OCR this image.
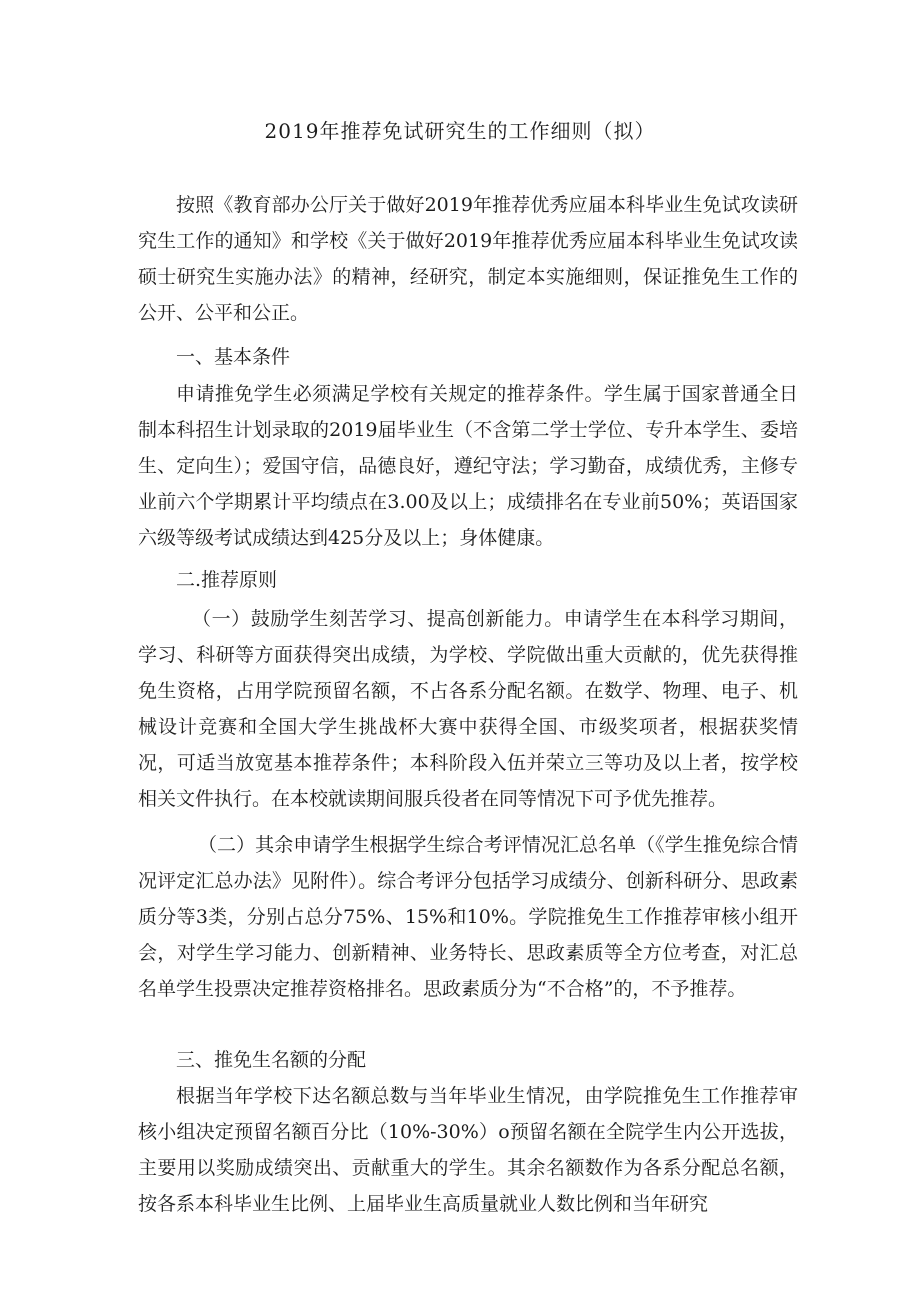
2019年推荐免试研究生的工作细则（拟）

按照《教育部办公厅关于做好2019年推荐优秀应届本科毕业生免试攻读研究生工作的通知》和学校《关于做好2019年推荐优秀应届本科毕业生免试攻读硕士研究生实施办法》的精神，经研究，制定本实施细则，保证推免生工作的公开、公平和公正。

一、基本条件

申请推免学生必须满足学校有关规定的推荐条件。学生属于国家普通全日制本科招生计划录取的2019届毕业生（不含第二学士学位、专升本学生、委培生、定向生）；爱国守信，品德良好，遵纪守法；学习勤奋，成绩优秀，主修专业前六个学期累计平均绩点在3.00及以上；成绩排名在专业前50%；英语国家六级等级考试成绩达到425分及以上；身体健康。

二.推荐原则

（一）鼓励学生刻苦学习、提高创新能力。申请学生在本科学习期间，学习、科研等方面获得突出成绩，为学校、学院做出重大贡献的，优先获得推免生资格，占用学院预留名额，不占各系分配名额。在数学、物理、电子、机械设计竞赛和全国大学生挑战杯大赛中获得全国、市级奖项者，根据获奖情况，可适当放宽基本推荐条件；本科阶段入伍并荣立三等功及以上者，按学校相关文件执行。在本校就读期间服兵役者在同等情况下可予优先推荐。

（二）其余申请学生根据学生综合考评情况汇总名单（《学生推免综合情况评定汇总办法》见附件）。综合考评分包括学习成绩分、创新科研分、思政素质分等3类，分别占总分75%、15%和10%。学院推免生工作推荐审核小组开会，对学生学习能力、创新精神、业务特长、思政素质等全方位考查，对汇总名单学生投票决定推荐资格排名。思政素质分为“不合格”的，不予推荐。

三、推免生名额的分配

根据当年学校下达名额总数与当年毕业生情况，由学院推免生工作推荐审核小组决定预留名额百分比（10%-30%）o预留名额在全院学生内公开选拔，主要用以奖励成绩突出、贡献重大的学生。其余名额数作为各系分配总名额，按各系本科毕业生比例、上届毕业生高质量就业人数比例和当年研究
